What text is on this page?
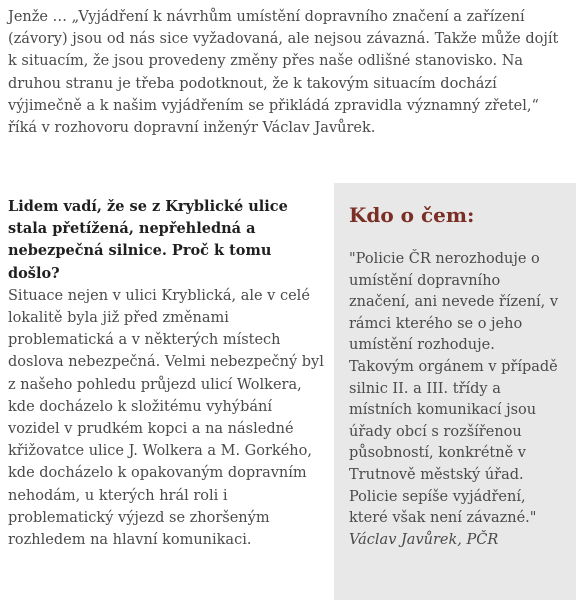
Jenže … „Vyjádření k návrhům umístění dopravního značení a zařízení (závory) jsou od nás sice vyžadovaná, ale nejsou závazná. Takže může dojít k situacím, že jsou provedeny změny přes naše odlišné stanovisko. Na druhou stranu je třeba podotknout, že k takovým situacím dochází výjimečně a k našim vyjádřením se přikládá zpravidla významný zřetel,“ říká v rozhovoru dopravní inženýr Václav Javůrek.

Lidem vadí, že se z Kryblické ulice stala přetížená, nepřehledná a nebezpečná silnice. Proč k tomu došlo?

Situace nejen v ulici Kryblická, ale v celé lokalitě byla již před změnami problematická a v některých místech doslova nebezpečná. Velmi nebezpečný byl z našeho pohledu průjezd ulicí Wolkera, kde docházelo k složitému vyhýbání vozidel v prudkém kopci a na následné křižovatce ulice J. Wolkera a M. Gorkého, kde docházelo k opakovaným dopravním nehodám, u kterých hrál roli i problematický výjezd se zhoršeným rozhledem na hlavní komunikaci.

Kdo o čem:

"Policie ČR nerozhoduje o umístění dopravního značení, ani nevede řízení, v rámci kterého se o jeho umístění rozhoduje. Takovým orgánem v případě silnic II. a III. třídy a místních komunikací jsou úřady obcí s rozšířenou působností, konkrétně v Trutnově městský úřad. Policie sepíše vyjádření, které však není závazné."

Václav Javůrek, PČR
